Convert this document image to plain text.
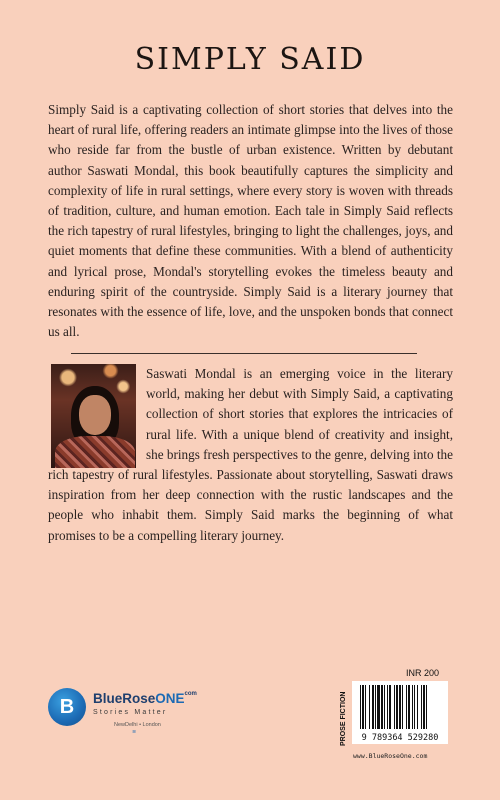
SIMPLY SAID

Simply Said is a captivating collection of short stories that delves into the heart of rural life, offering readers an intimate glimpse into the lives of those who reside far from the bustle of urban existence. Written by debutant author Saswati Mondal, this book beautifully captures the simplicity and complexity of life in rural settings, where every story is woven with threads of tradition, culture, and human emotion. Each tale in Simply Said reflects the rich tapestry of rural lifestyles, bringing to light the challenges, joys, and quiet moments that define these communities. With a blend of authenticity and lyrical prose, Mondal's storytelling evokes the timeless beauty and enduring spirit of the countryside. Simply Said is a literary journey that resonates with the essence of life, love, and the unspoken bonds that connect us all.

Saswati Mondal is an emerging voice in the literary world, making her debut with Simply Said, a captivating collection of short stories that explores the intricacies of rural life. With a unique blend of creativity and insight, she brings fresh perspectives to the genre, delving into the rich tapestry of rural lifestyles. Passionate about storytelling, Saswati draws inspiration from her deep connection with the rustic landscapes and the people who inhabit them. Simply Said marks the beginning of what promises to be a compelling literary journey.
B	BlueRoseONE$^{com}$
Stories Matter
NewDelhi • London
≋
INR 200
PROSE FICTION	9 789364 529280
www.BlueRoseOne.com
